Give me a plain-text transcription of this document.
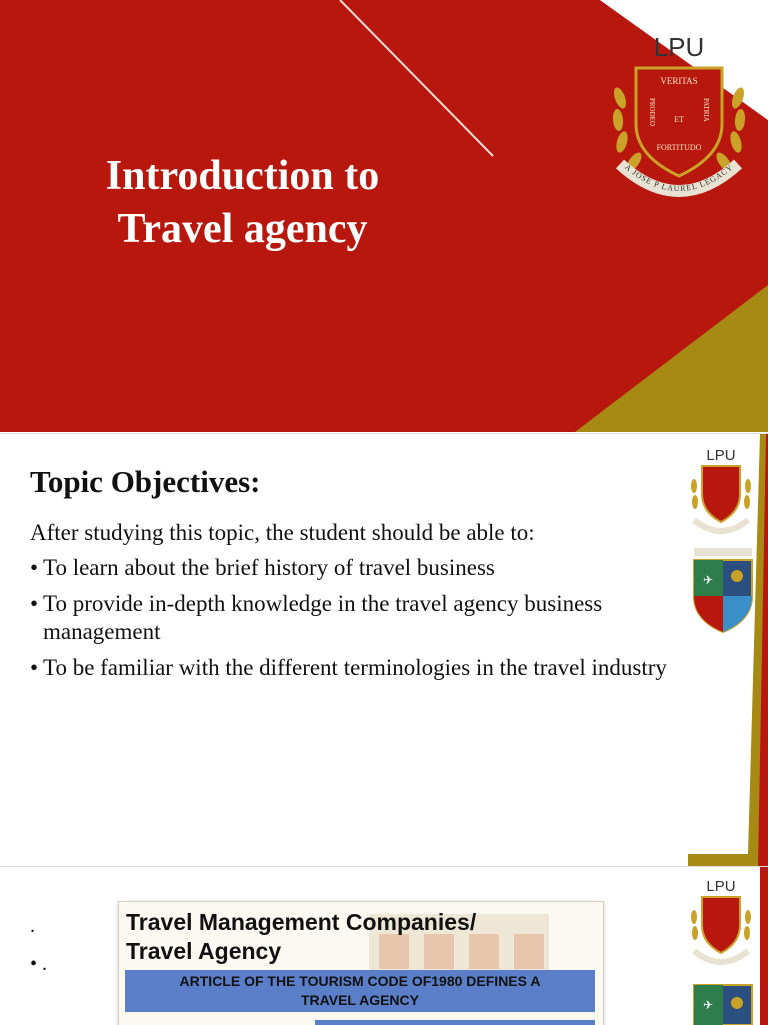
Introduction to
Travel agency
LPU
VERITAS
ET
FORTITUDO
PRODEO	PATRIA
A JOSE P LAUREL LEGACY
Topic Objectives:
After studying this topic, the student should be able to:
• To learn about the brief history of travel business
• To provide in-depth knowledge in the travel agency business management
• To be familiar with the different terminologies in the travel industry
LPU
✈
.
• .
Travel Management Companies/
Travel Agency
ARTICLE OF THE TOURISM CODE OF1980 DEFINES A
TRAVEL AGENCY
LPU
✈
